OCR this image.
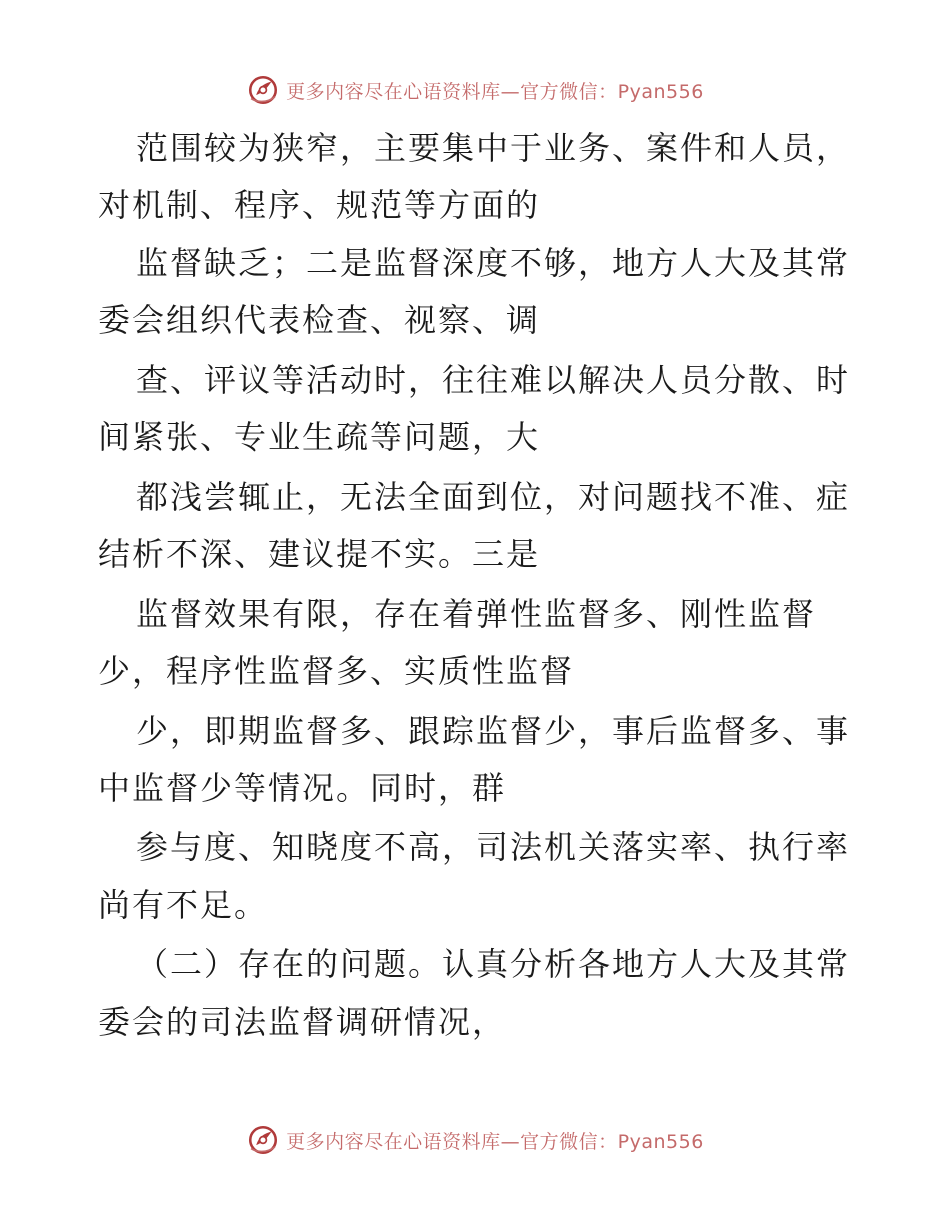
更多内容尽在心语资料库—官方微信：Pyan556
范围较为狭窄，主要集中于业务、案件和人员，
对机制、程序、规范等方面的
监督缺乏；二是监督深度不够，地方人大及其常
委会组织代表检查、视察、调
查、评议等活动时，往往难以解决人员分散、时
间紧张、专业生疏等问题，大
都浅尝辄止，无法全面到位，对问题找不准、症
结析不深、建议提不实。三是
监督效果有限，存在着弹性监督多、刚性监督
少，程序性监督多、实质性监督
少，即期监督多、跟踪监督少，事后监督多、事
中监督少等情况。同时，群
参与度、知晓度不高，司法机关落实率、执行率
尚有不足。
（二）存在的问题。认真分析各地方人大及其常
委会的司法监督调研情况，
更多内容尽在心语资料库—官方微信：Pyan556
